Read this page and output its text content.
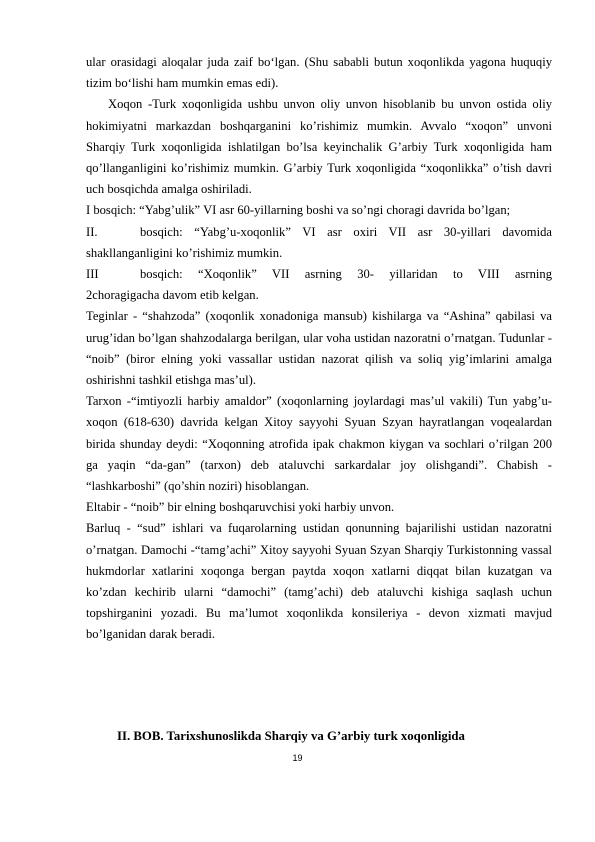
ular orasidagi aloqalar juda zaif bo‘lgan. (Shu sababli butun xoqonlikda yagona huquqiy tizim bo‘lishi ham mumkin emas edi).

Xoqon -Turk xoqonligida ushbu unvon oliy unvon hisoblanib bu unvon ostida oliy hokimiyatni markazdan boshqarganini ko’rishimiz mumkin. Avvalo “xoqon” unvoni Sharqiy Turk xoqonligida ishlatilgan bo’lsa keyinchalik G’arbiy Turk xoqonligida ham qo’llanganligini ko’rishimiz mumkin. G’arbiy Turk xoqonligida “xoqonlikka” o’tish davri uch bosqichda amalga oshiriladi.

I bosqich: “Yabg’ulik” VI asr 60-yillarning boshi va so’ngi choragi davrida bo’lgan;

II.	bosqich: “Yabg’u-xoqonlik” VI asr oxiri VII asr 30-yillari davomida

shakllanganligini ko’rishimiz mumkin.

III	bosqich: “Xoqonlik” VII asrning 30- yillaridan to VIII asrning

2choragigacha davom etib kelgan.

Teginlar - “shahzoda” (xoqonlik xonadoniga mansub) kishilarga va “Ashina” qabilasi va urug’idan bo’lgan shahzodalarga berilgan, ular voha ustidan nazoratni o’rnatgan. Tudunlar - “noib” (biror elning yoki vassallar ustidan nazorat qilish va soliq yig’imlarini amalga oshirishni tashkil etishga mas’ul).

Tarxon -“imtiyozli harbiy amaldor” (xoqonlarning joylardagi mas’ul vakili) Tun yabg’u-xoqon (618-630) davrida kelgan Xitoy sayyohi Syuan Szyan hayratlangan voqealardan birida shunday deydi: “Xoqonning atrofida ipak chakmon kiygan va sochlari o’rilgan 200 ga yaqin “da-gan” (tarxon) deb ataluvchi sarkardalar joy olishgandi”. Chabish - “lashkarboshi” (qo’shin noziri) hisoblangan.

Eltabir - “noib” bir elning boshqaruvchisi yoki harbiy unvon.

Barluq - “sud” ishlari va fuqarolarning ustidan qonunning bajarilishi ustidan nazoratni o’rnatgan. Damochi -“tamg’achi” Xitoy sayyohi Syuan Szyan Sharqiy Turkistonning vassal hukmdorlar xatlarini xoqonga bergan paytda xoqon xatlarni diqqat bilan kuzatgan va ko’zdan kechirib ularni “damochi” (tamg’achi) deb ataluvchi kishiga saqlash uchun topshirganini yozadi. Bu ma’lumot xoqonlikda konsileriya - devon xizmati mavjud bo’lganidan darak beradi.

II. BOB. Tarixshunoslikda Sharqiy va G’arbiy turk xoqonligida

19
